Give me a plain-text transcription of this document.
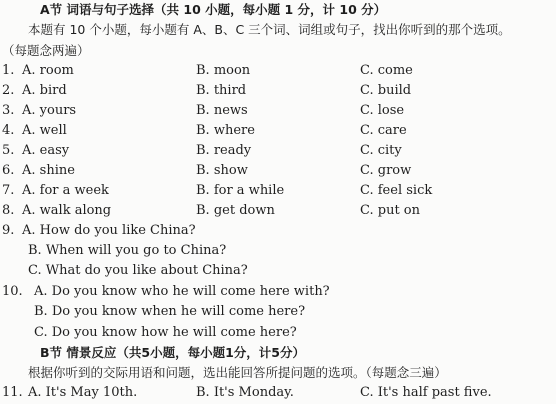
A节 词语与句子选择（共 10 小题，每小题 1 分，计 10 分）
本题有 10 个小题，每小题有 A、B、C 三个词、词组或句子，找出你听到的那个选项。
（每题念两遍）
1. A. room	B. moon	C. come
2. A. bird	B. third	C. build
3. A. yours	B. news	C. lose
4. A. well	B. where	C. care
5. A. easy	B. ready	C. city
6. A. shine	B. show	C. grow
7. A. for a week	B. for a while	C. feel sick
8. A. walk along	B. get down	C. put on
9. A. How do you like China?
B. When will you go to China?
C. What do you like about China?
10. A. Do you know who he will come here with?
B. Do you know when he will come here?
C. Do you know how he will come here?
B节 情景反应（共5小题，每小题1分，计5分）
根据你听到的交际用语和问题，选出能回答所提问题的选项。（每题念三遍）
11. A. It's May 10th.	B. It's Monday.	C. It's half past five.
